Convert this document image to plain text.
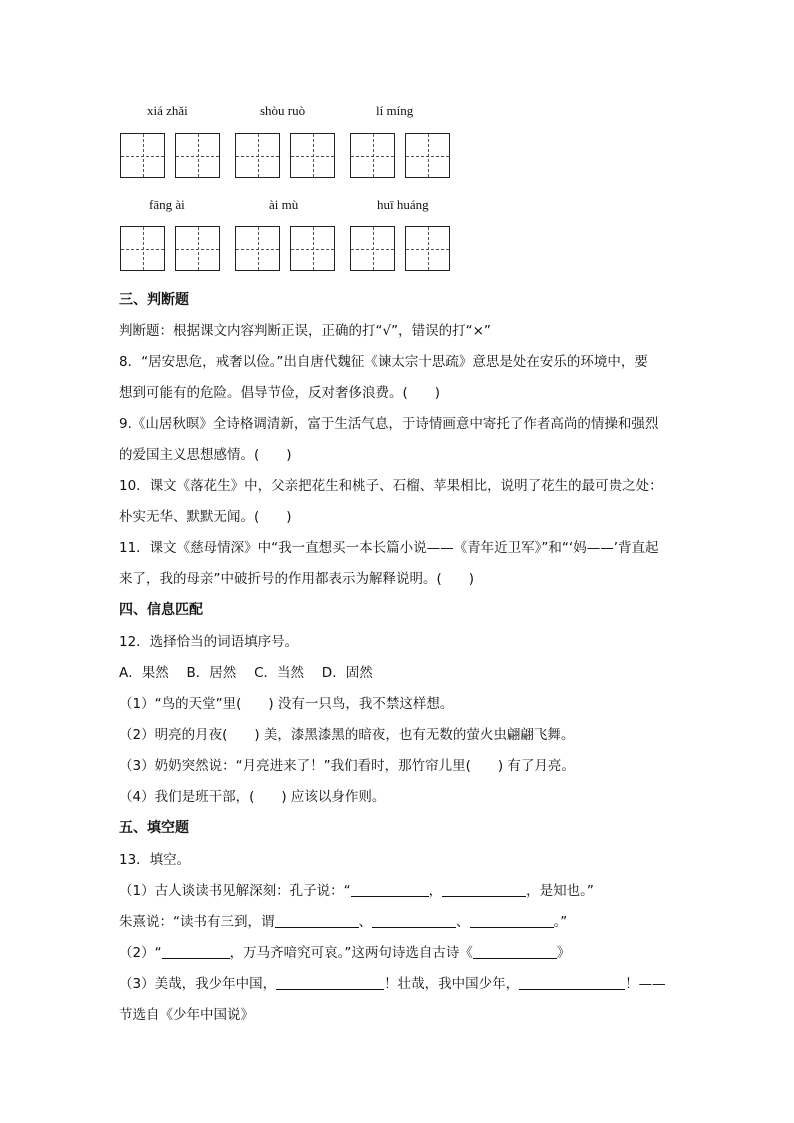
xiá zhǎi	shòu ruò	lí míng
fāng ài	ài mù	huī huáng
三、判断题
判断题：根据课文内容判断正误，正确的打“√”，错误的打“×”
8．“居安思危，戒奢以俭。”出自唐代魏征《谏太宗十思疏》意思是处在安乐的环境中，要
想到可能有的危险。倡导节俭，反对奢侈浪费。(　　)
9.《山居秋暝》全诗格调清新，富于生活气息，于诗情画意中寄托了作者高尚的情操和强烈
的爱国主义思想感情。(　　)
10．课文《落花生》中，父亲把花生和桃子、石榴、苹果相比，说明了花生的最可贵之处：
朴实无华、默默无闻。(　　)
11．课文《慈母情深》中“我一直想买一本长篇小说——《青年近卫军》”和“‘妈——’背直起
来了，我的母亲”中破折号的作用都表示为解释说明。(　　)
四、信息匹配
12．选择恰当的词语填序号。
A．果然　 B．居然　 C．当然　 D．固然
（1）“鸟的天堂”里(　　) 没有一只鸟，我不禁这样想。
（2）明亮的月夜(　　) 美，漆黑漆黑的暗夜，也有无数的萤火虫翩翩飞舞。
（3）奶奶突然说：“月亮进来了！”我们看时，那竹帘儿里(　　) 有了月亮。
（4）我们是班干部，(　　) 应该以身作则。
五、填空题
13．填空。
（1）古人谈读书见解深刻：孔子说：“	，	，是知也。”
朱熹说：“读书有三到，谓	、	、	。”
（2）“	，万马齐喑究可哀。”这两句诗选自古诗《	》
（3）美哉，我少年中国，	！壮哉，我中国少年，	！——
节选自《少年中国说》
